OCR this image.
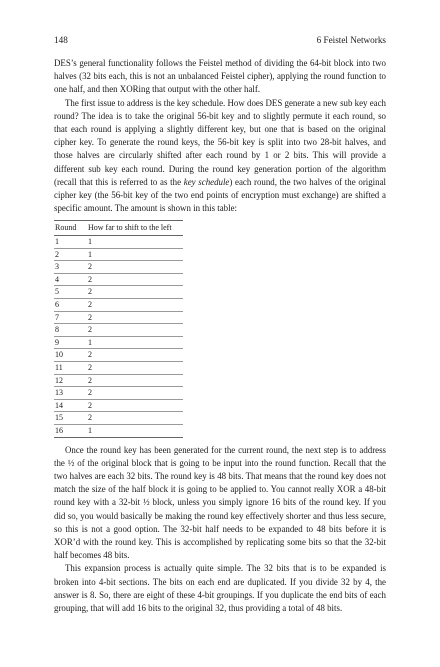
148	6 Feistel Networks

DES’s general functionality follows the Feistel method of dividing the 64-bit block into two halves (32 bits each, this is not an unbalanced Feistel cipher), applying the round function to one half, and then XORing that output with the other half.

The first issue to address is the key schedule. How does DES generate a new sub key each round? The idea is to take the original 56-bit key and to slightly permute it each round, so that each round is applying a slightly different key, but one that is based on the original cipher key. To generate the round keys, the 56-bit key is split into two 28-bit halves, and those halves are circularly shifted after each round by 1 or 2 bits. This will provide a different sub key each round. During the round key generation portion of the algorithm (recall that this is referred to as the key schedule) each round, the two halves of the original cipher key (the 56-bit key of the two end points of encryption must exchange) are shifted a specific amount. The amount is shown in this table:

Round	How far to shift to the left
1	1
2	1
3	2
4	2
5	2
6	2
7	2
8	2
9	1
10	2
11	2
12	2
13	2
14	2
15	2
16	1

Once the round key has been generated for the current round, the next step is to address the ½ of the original block that is going to be input into the round function. Recall that the two halves are each 32 bits. The round key is 48 bits. That means that the round key does not match the size of the half block it is going to be applied to. You cannot really XOR a 48-bit round key with a 32-bit ½ block, unless you simply ignore 16 bits of the round key. If you did so, you would basically be making the round key effectively shorter and thus less secure, so this is not a good option. The 32-bit half needs to be expanded to 48 bits before it is XOR’d with the round key. This is accomplished by replicating some bits so that the 32-bit half becomes 48 bits.

This expansion process is actually quite simple. The 32 bits that is to be expanded is broken into 4-bit sections. The bits on each end are duplicated. If you divide 32 by 4, the answer is 8. So, there are eight of these 4-bit groupings. If you duplicate the end bits of each grouping, that will add 16 bits to the original 32, thus providing a total of 48 bits.
